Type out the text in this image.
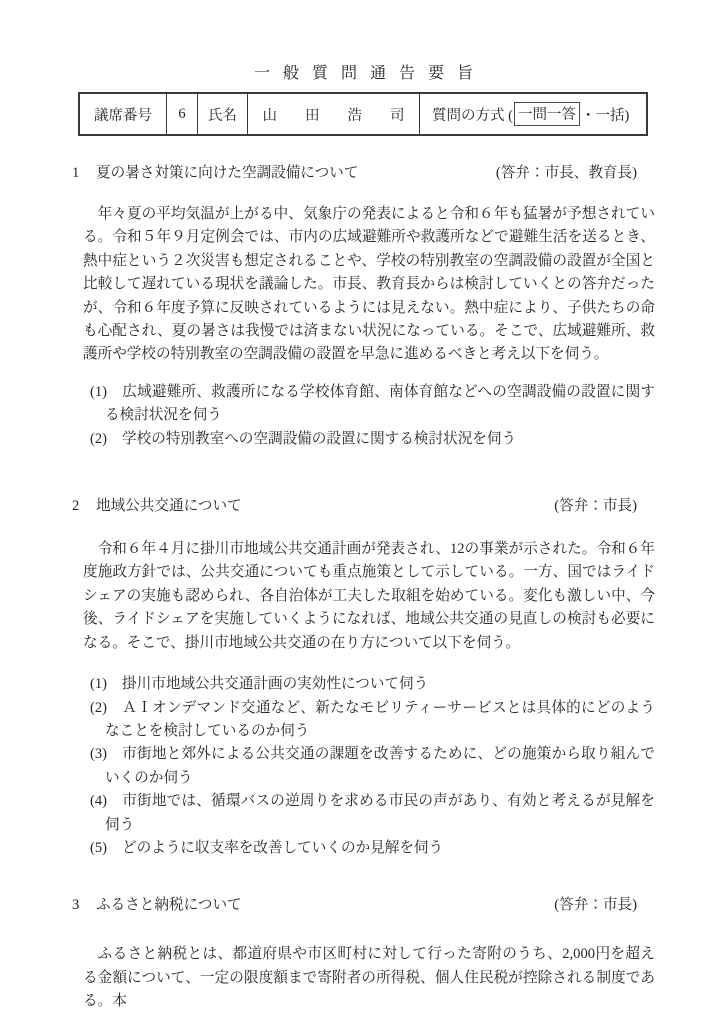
一般質問通告要旨
議席番号	6	氏名	山田浩司 質問の方式 ( 一問一答 ・一括)
1	夏の暑さ対策に向けた空調設備について	(答弁：市長、教育長)

年々夏の平均気温が上がる中、気象庁の発表によると令和６年も猛暑が予想されている。令和５年９月定例会では、市内の広域避難所や救護所などで避難生活を送るとき、熱中症という２次災害も想定されることや、学校の特別教室の空調設備の設置が全国と比較して遅れている現状を議論した。市長、教育長からは検討していくとの答弁だったが、令和６年度予算に反映されているようには見えない。熱中症により、子供たちの命も心配され、夏の暑さは我慢では済まない状況になっている。そこで、広域避難所、救護所や学校の特別教室の空調設備の設置を早急に進めるべきと考え以下を伺う。

(1) 広域避難所、救護所になる学校体育館、南体育館などへの空調設備の設置に関する検討状況を伺う
(2) 学校の特別教室への空調設備の設置に関する検討状況を伺う
2	地域公共交通について	(答弁：市長)

令和６年４月に掛川市地域公共交通計画が発表され、12の事業が示された。令和６年度施政方針では、公共交通についても重点施策として示している。一方、国ではライドシェアの実施も認められ、各自治体が工夫した取組を始めている。変化も激しい中、今後、ライドシェアを実施していくようになれば、地域公共交通の見直しの検討も必要になる。そこで、掛川市地域公共交通の在り方について以下を伺う。

(1) 掛川市地域公共交通計画の実効性について伺う
(2) ＡＩオンデマンド交通など、新たなモビリティーサービスとは具体的にどのようなことを検討しているのか伺う
(3) 市街地と郊外による公共交通の課題を改善するために、どの施策から取り組んでいくのか伺う
(4) 市街地では、循環バスの逆周りを求める市民の声があり、有効と考えるが見解を伺う
(5) どのように収支率を改善していくのか見解を伺う
3	ふるさと納税について	(答弁：市長)

ふるさと納税とは、都道府県や市区町村に対して行った寄附のうち、2,000円を超える金額について、一定の限度額まで寄附者の所得税、個人住民税が控除される制度である。本
